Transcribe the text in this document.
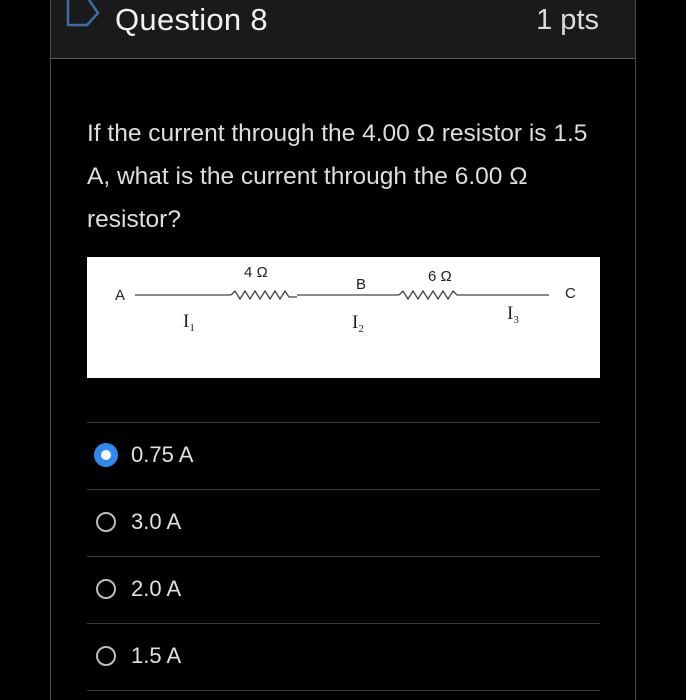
Question 8	1 pts
If the current through the 4.00 Ω resistor is 1.5 A, what is the current through the 6.00 Ω resistor?
A
4 Ω
B	6 Ω
C
$I_1$	$I_2$
$I_3$
0.75 A
3.0 A
2.0 A
1.5 A
